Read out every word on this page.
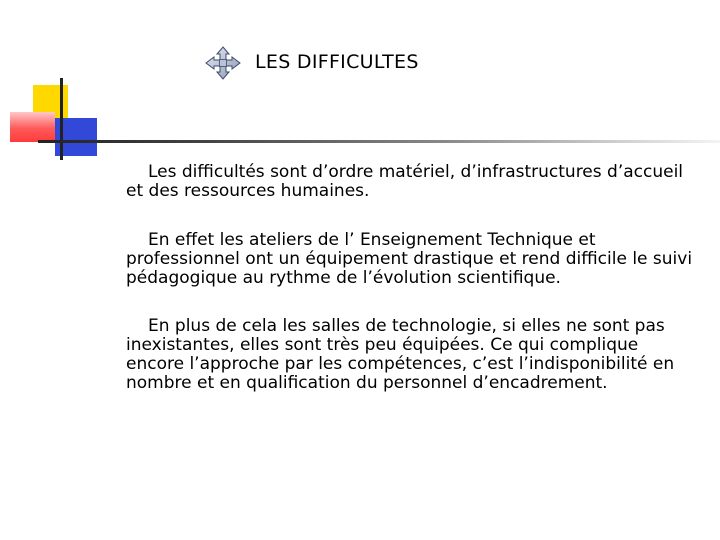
LES DIFFICULTES

Les difficultés sont d’ordre matériel, d’infrastructures d’accueil et des ressources humaines.

En effet les ateliers de l’ Enseignement Technique et professionnel ont un équipement drastique et rend difficile le suivi pédagogique au rythme de l’évolution scientifique.

En plus de cela les salles de technologie, si elles ne sont pas inexistantes, elles sont très peu équipées. Ce qui complique encore l’approche par les compétences, c’est l’indisponibilité en nombre et en qualification du personnel d’encadrement.
